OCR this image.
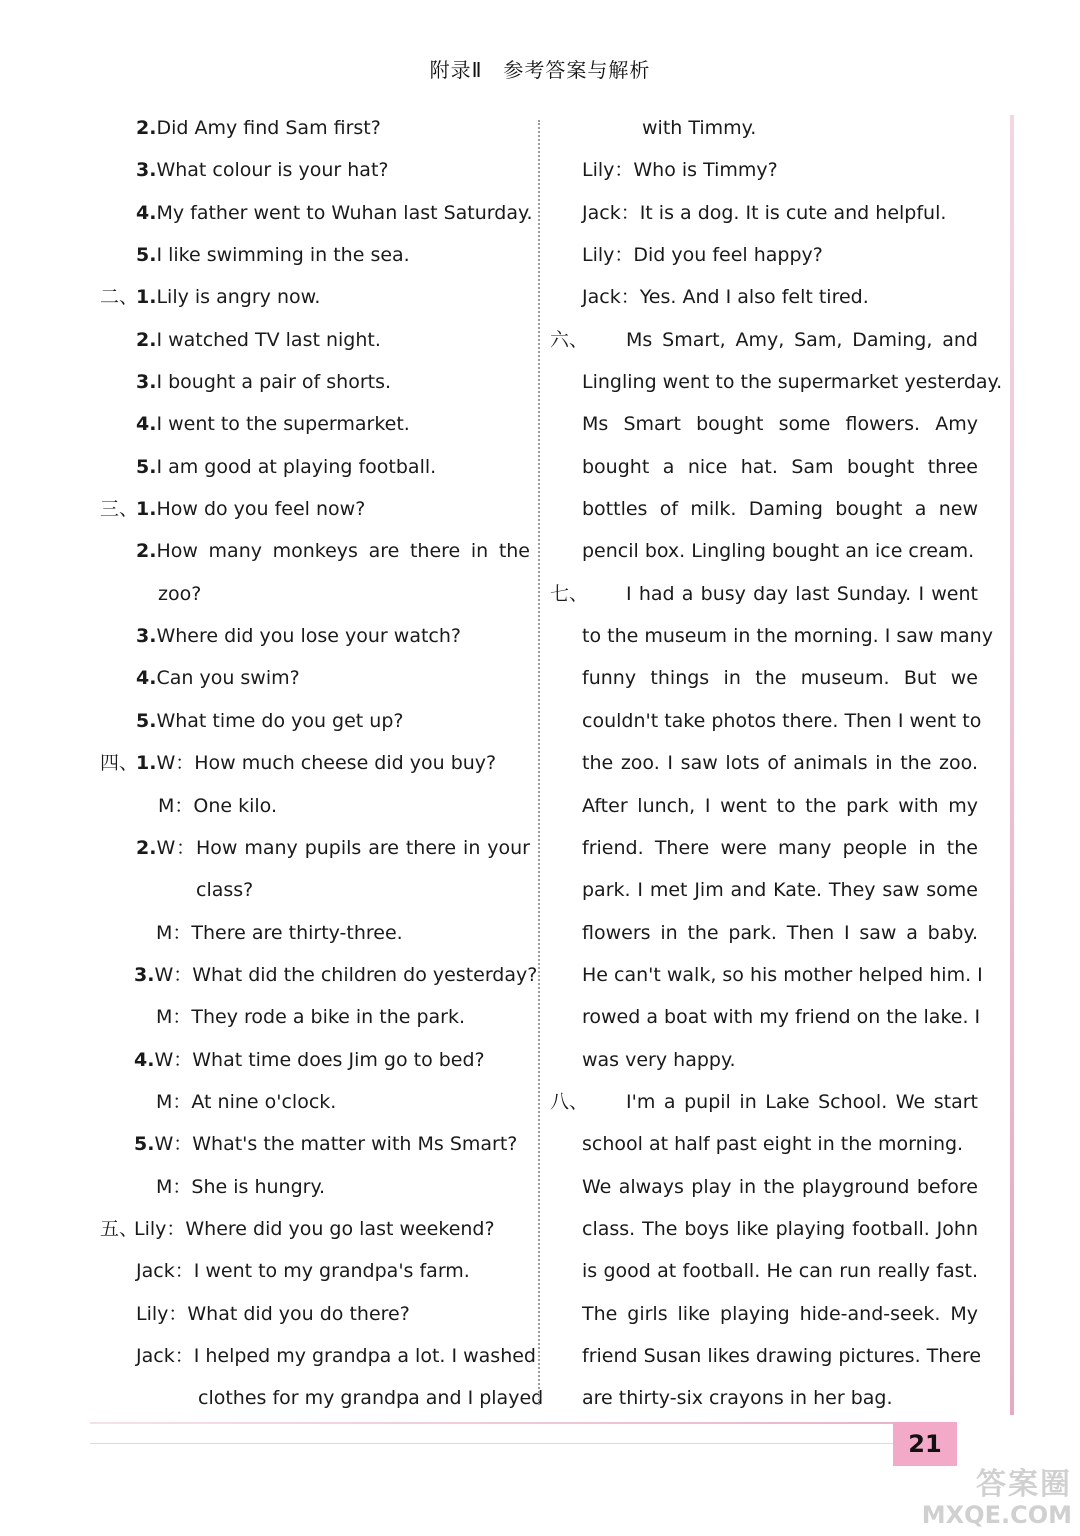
附录Ⅱ　参考答案与解析
2.Did Amy find Sam first?
3.What colour is your hat?
4.My father went to Wuhan last Saturday.
5.I like swimming in the sea.
二、
1.Lily is angry now.
2.I watched TV last night.
3.I bought a pair of shorts.
4.I went to the supermarket.
5.I am good at playing football.
三、
1.How do you feel now?
2.How many monkeys are there in the
zoo?
3.Where did you lose your watch?
4.Can you swim?
5.What time do you get up?
四、
1.W：How much cheese did you buy?
M：One kilo.
2.W：How many pupils are there in your
class?
M：There are thirty-three.
3.W：What did the children do yesterday?
M：They rode a bike in the park.
4.W：What time does Jim go to bed?
M：At nine o'clock.
5.W：What's the matter with Ms Smart?
M：She is hungry.
五、
Lily：Where did you go last weekend?
Jack：I went to my grandpa's farm.
Lily：What did you do there?
Jack：I helped my grandpa a lot. I washed
clothes for my grandpa and I played
with Timmy.
Lily：Who is Timmy?
Jack：It is a dog. It is cute and helpful.
Lily：Did you feel happy?
Jack：Yes. And I also felt tired.
六、 Ms Smart, Amy, Sam, Daming, and
Lingling went to the supermarket yesterday.
Ms Smart bought some flowers. Amy
bought a nice hat. Sam bought three
bottles of milk. Daming bought a new
pencil box. Lingling bought an ice cream.
七、 I had a busy day last Sunday. I went
to the museum in the morning. I saw many
funny things in the museum. But we
couldn't take photos there. Then I went to
the zoo. I saw lots of animals in the zoo.
After lunch, I went to the park with my
friend. There were many people in the
park. I met Jim and Kate. They saw some
flowers in the park. Then I saw a baby.
He can't walk, so his mother helped him. I
rowed a boat with my friend on the lake. I
was very happy.
八、 I'm a pupil in Lake School. We start
school at half past eight in the morning.
We always play in the playground before
class. The boys like playing football. John
is good at football. He can run really fast.
The girls like playing hide-and-seek. My
friend Susan likes drawing pictures. There
are thirty-six crayons in her bag.
21
答案圈
MXQE.COM
